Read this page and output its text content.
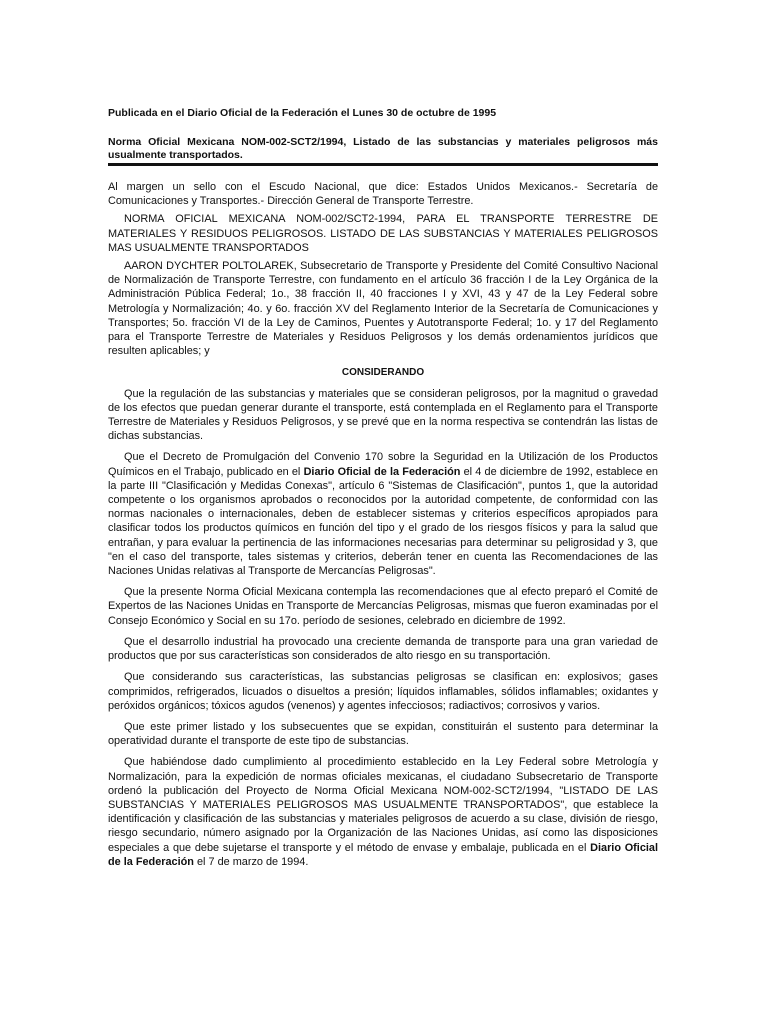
Publicada en el Diario Oficial de la Federación el Lunes 30 de octubre de 1995
Norma Oficial Mexicana NOM-002-SCT2/1994, Listado de las substancias y materiales peligrosos más usualmente transportados.

Al margen un sello con el Escudo Nacional, que dice: Estados Unidos Mexicanos.- Secretaría de Comunicaciones y Transportes.- Dirección General de Transporte Terrestre.

NORMA OFICIAL MEXICANA NOM-002/SCT2-1994, PARA EL TRANSPORTE TERRESTRE DE MATERIALES Y RESIDUOS PELIGROSOS. LISTADO DE LAS SUBSTANCIAS Y MATERIALES PELIGROSOS MAS USUALMENTE TRANSPORTADOS

AARON DYCHTER POLTOLAREK, Subsecretario de Transporte y Presidente del Comité Consultivo Nacional de Normalización de Transporte Terrestre, con fundamento en el artículo 36 fracción I de la Ley Orgánica de la Administración Pública Federal; 1o., 38 fracción II, 40 fracciones I y XVI, 43 y 47 de la Ley Federal sobre Metrología y Normalización; 4o. y 6o. fracción XV del Reglamento Interior de la Secretaría de Comunicaciones y Transportes; 5o. fracción VI de la Ley de Caminos, Puentes y Autotransporte Federal; 1o. y 17 del Reglamento para el Transporte Terrestre de Materiales y Residuos Peligrosos y los demás ordenamientos jurídicos que resulten aplicables; y

CONSIDERANDO

Que la regulación de las substancias y materiales que se consideran peligrosos, por la magnitud o gravedad de los efectos que puedan generar durante el transporte, está contemplada en el Reglamento para el Transporte Terrestre de Materiales y Residuos Peligrosos, y se prevé que en la norma respectiva se contendrán las listas de dichas substancias.

Que el Decreto de Promulgación del Convenio 170 sobre la Seguridad en la Utilización de los Productos Químicos en el Trabajo, publicado en el Diario Oficial de la Federación el 4 de diciembre de 1992, establece en la parte III "Clasificación y Medidas Conexas", artículo 6 "Sistemas de Clasificación", puntos 1, que la autoridad competente o los organismos aprobados o reconocidos por la autoridad competente, de conformidad con las normas nacionales o internacionales, deben de establecer sistemas y criterios específicos apropiados para clasificar todos los productos químicos en función del tipo y el grado de los riesgos físicos y para la salud que entrañan, y para evaluar la pertinencia de las informaciones necesarias para determinar su peligrosidad y 3, que "en el caso del transporte, tales sistemas y criterios, deberán tener en cuenta las Recomendaciones de las Naciones Unidas relativas al Transporte de Mercancías Peligrosas".

Que la presente Norma Oficial Mexicana contempla las recomendaciones que al efecto preparó el Comité de Expertos de las Naciones Unidas en Transporte de Mercancías Peligrosas, mismas que fueron examinadas por el Consejo Económico y Social en su 17o. período de sesiones, celebrado en diciembre de 1992.

Que el desarrollo industrial ha provocado una creciente demanda de transporte para una gran variedad de productos que por sus características son considerados de alto riesgo en su transportación.

Que considerando sus características, las substancias peligrosas se clasifican en: explosivos; gases comprimidos, refrigerados, licuados o disueltos a presión; líquidos inflamables, sólidos inflamables; oxidantes y peróxidos orgánicos; tóxicos agudos (venenos) y agentes infecciosos; radiactivos; corrosivos y varios.

Que este primer listado y los subsecuentes que se expidan, constituirán el sustento para determinar la operatividad durante el transporte de este tipo de substancias.

Que habiéndose dado cumplimiento al procedimiento establecido en la Ley Federal sobre Metrología y Normalización, para la expedición de normas oficiales mexicanas, el ciudadano Subsecretario de Transporte ordenó la publicación del Proyecto de Norma Oficial Mexicana NOM-002-SCT2/1994, "LISTADO DE LAS SUBSTANCIAS Y MATERIALES PELIGROSOS MAS USUALMENTE TRANSPORTADOS", que establece la identificación y clasificación de las substancias y materiales peligrosos de acuerdo a su clase, división de riesgo, riesgo secundario, número asignado por la Organización de las Naciones Unidas, así como las disposiciones especiales a que debe sujetarse el transporte y el método de envase y embalaje, publicada en el Diario Oficial de la Federación el 7 de marzo de 1994.
